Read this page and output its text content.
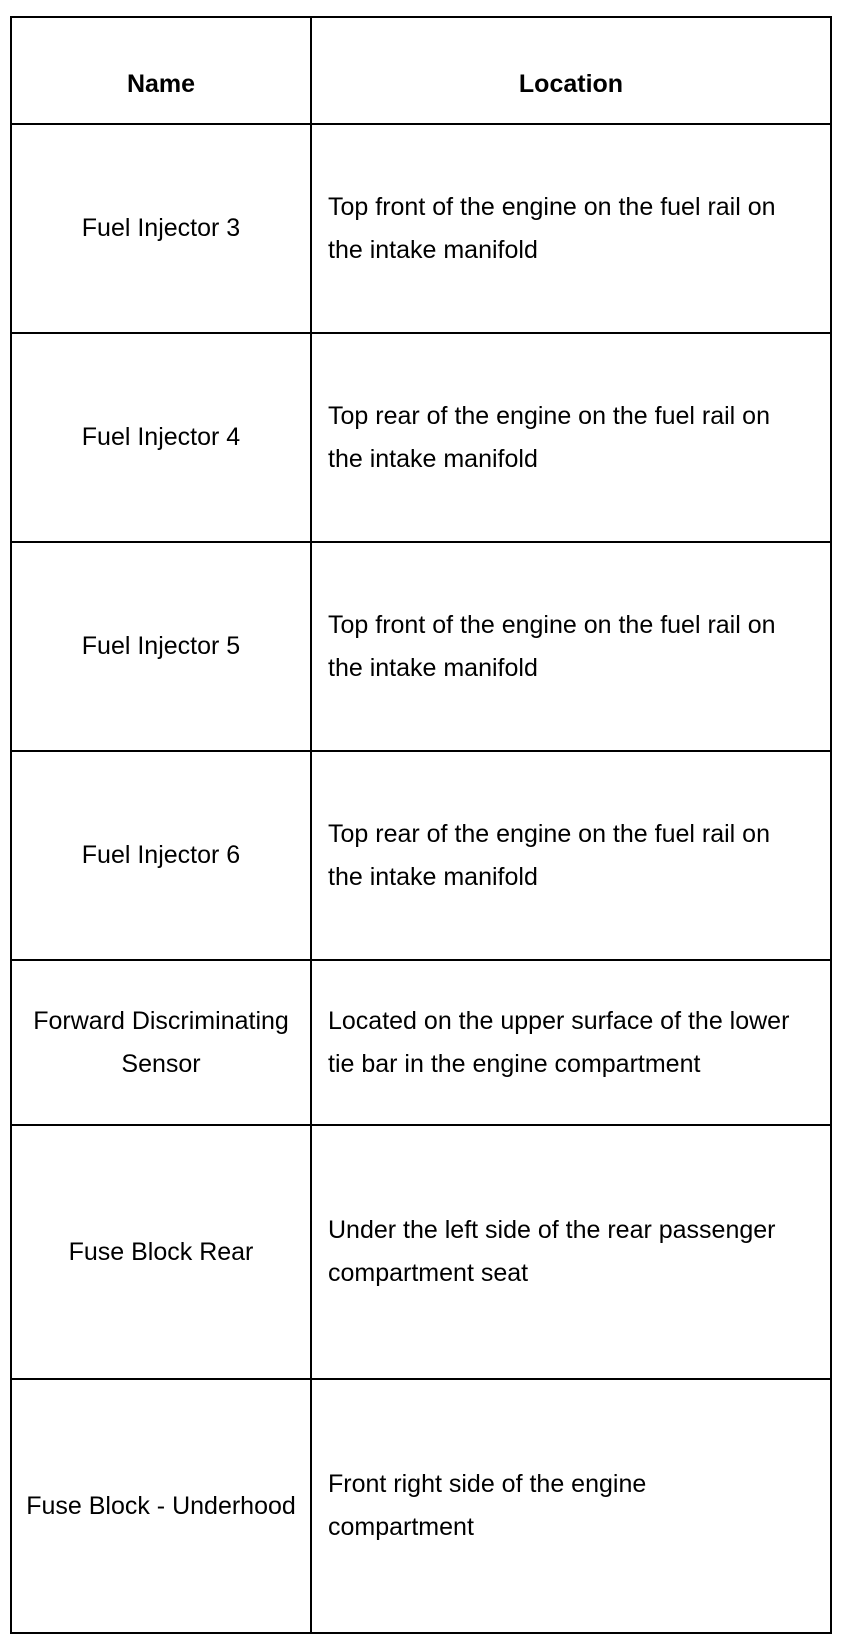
Name	Location
Fuel Injector 3	Top front of the engine on the fuel rail on the intake manifold
Fuel Injector 4	Top rear of the engine on the fuel rail on the intake manifold
Fuel Injector 5	Top front of the engine on the fuel rail on the intake manifold
Fuel Injector 6	Top rear of the engine on the fuel rail on the intake manifold
Forward Discriminating Sensor	Located on the upper surface of the lower tie bar in the engine compartment
Fuse Block Rear	Under the left side of the rear passenger compartment seat
Fuse Block - Underhood	Front right side of the engine compartment
